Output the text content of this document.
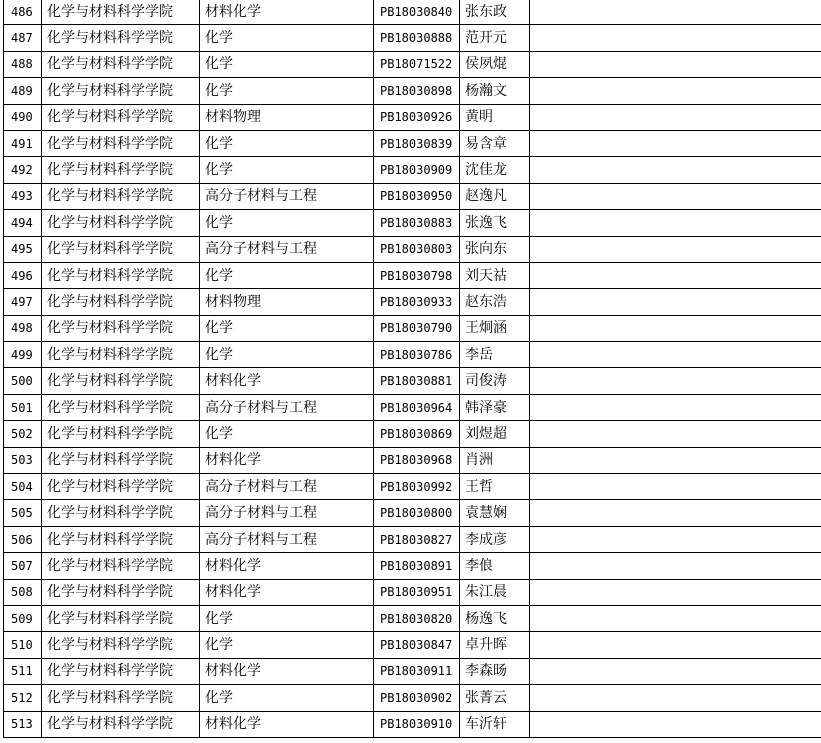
486	化学与材料科学学院	材料化学	PB18030840	张东政	
487	化学与材料科学学院	化学	PB18030888	范开元	
488	化学与材料科学学院	化学	PB18071522	侯夙焜	
489	化学与材料科学学院	化学	PB18030898	杨瀚文	
490	化学与材料科学学院	材料物理	PB18030926	黄明	
491	化学与材料科学学院	化学	PB18030839	易含章	
492	化学与材料科学学院	化学	PB18030909	沈佳龙	
493	化学与材料科学学院	高分子材料与工程	PB18030950	赵逸凡	
494	化学与材料科学学院	化学	PB18030883	张逸飞	
495	化学与材料科学学院	高分子材料与工程	PB18030803	张向东	
496	化学与材料科学学院	化学	PB18030798	刘天祜	
497	化学与材料科学学院	材料物理	PB18030933	赵东浩	
498	化学与材料科学学院	化学	PB18030790	王炯涵	
499	化学与材料科学学院	化学	PB18030786	李岳	
500	化学与材料科学学院	材料化学	PB18030881	司俊涛	
501	化学与材料科学学院	高分子材料与工程	PB18030964	韩泽豪	
502	化学与材料科学学院	化学	PB18030869	刘煜超	
503	化学与材料科学学院	材料化学	PB18030968	肖洲	
504	化学与材料科学学院	高分子材料与工程	PB18030992	王哲	
505	化学与材料科学学院	高分子材料与工程	PB18030800	袁慧娴	
506	化学与材料科学学院	高分子材料与工程	PB18030827	李成彦	
507	化学与材料科学学院	材料化学	PB18030891	李俍	
508	化学与材料科学学院	材料化学	PB18030951	朱江晨	
509	化学与材料科学学院	化学	PB18030820	杨逸飞	
510	化学与材料科学学院	化学	PB18030847	卓升晖	
511	化学与材料科学学院	材料化学	PB18030911	李森旸	
512	化学与材料科学学院	化学	PB18030902	张菁云	
513	化学与材料科学学院	材料化学	PB18030910	车沂轩	
